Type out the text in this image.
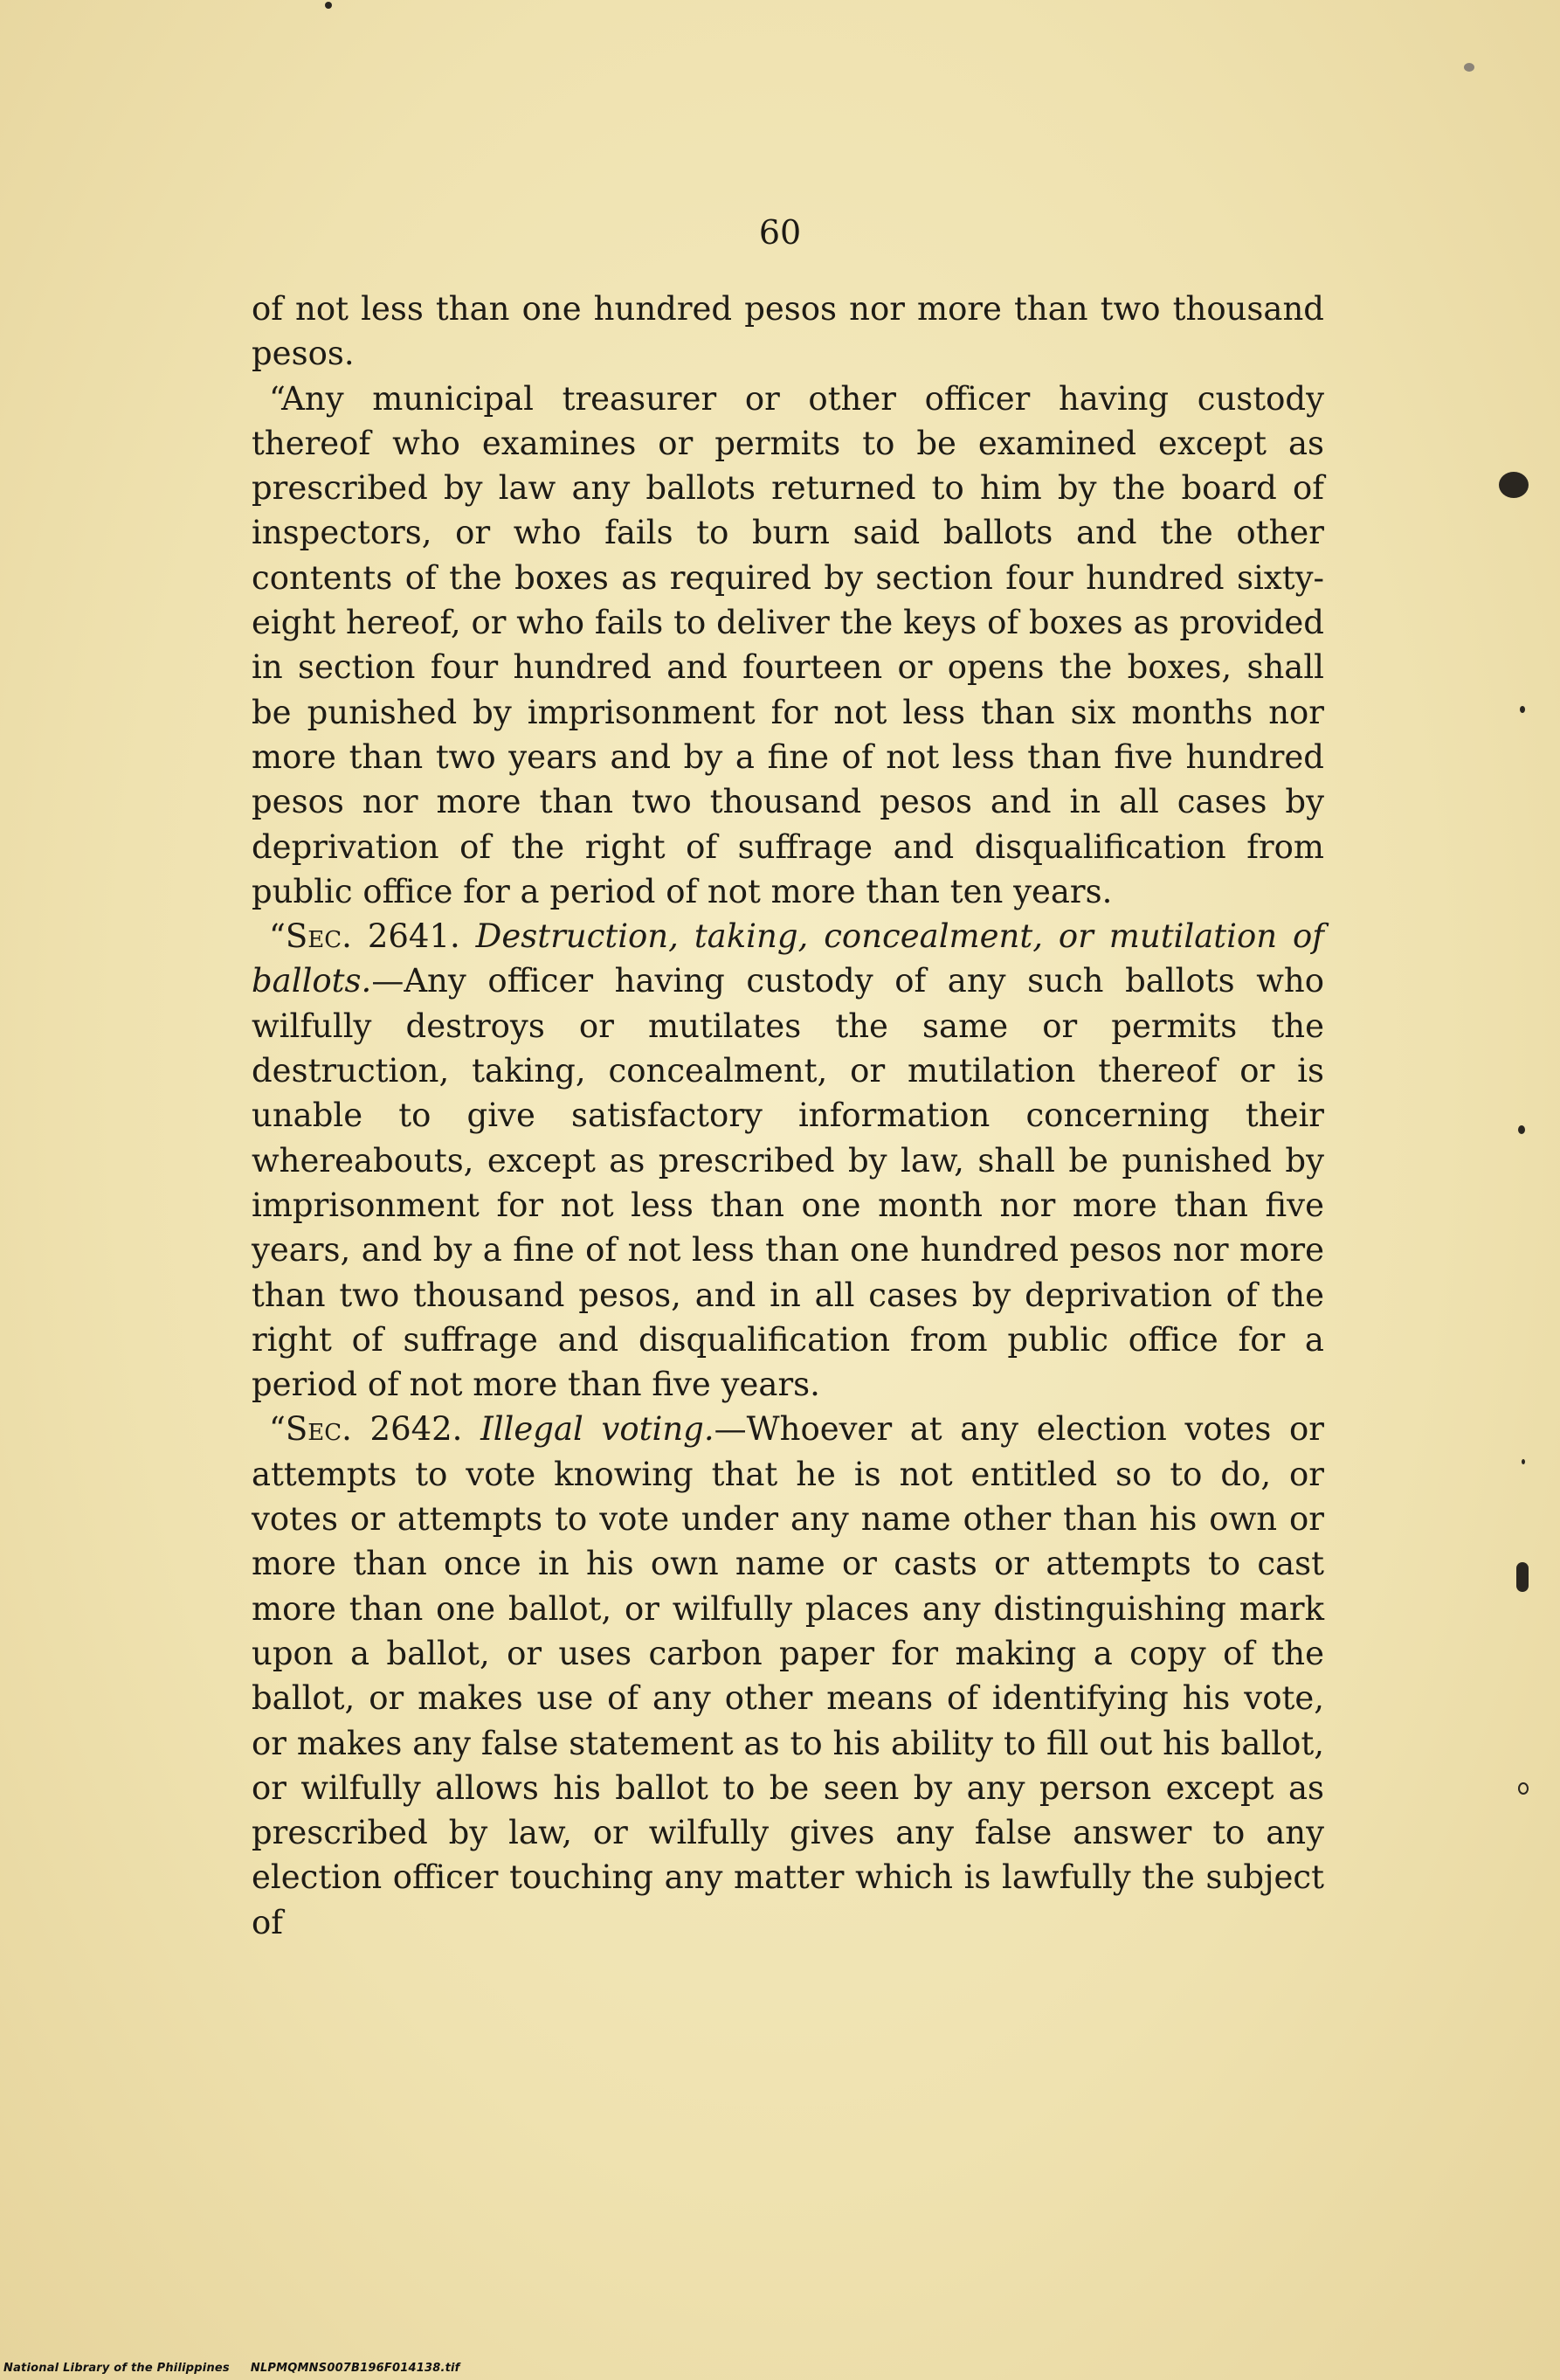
60

of not less than one hundred pesos nor more than two thousand pesos.

“Any municipal treasurer or other officer having custody thereof who examines or permits to be examined except as prescribed by law any ballots returned to him by the board of inspectors, or who fails to burn said ballots and the other contents of the boxes as required by section four hundred sixty-eight hereof, or who fails to deliver the keys of boxes as provided in section four hundred and fourteen or opens the boxes, shall be punished by imprisonment for not less than six months nor more than two years and by a fine of not less than five hundred pesos nor more than two thousand pesos and in all cases by deprivation of the right of suffrage and disqualification from public office for a period of not more than ten years.

“Sec. 2641. Destruction, taking, concealment, or mutilation of ballots.—Any officer having custody of any such ballots who wilfully destroys or mutilates the same or permits the destruction, taking, concealment, or mutilation thereof or is unable to give satisfactory information concerning their whereabouts, except as prescribed by law, shall be punished by imprisonment for not less than one month nor more than five years, and by a fine of not less than one hundred pesos nor more than two thousand pesos, and in all cases by deprivation of the right of suffrage and disqualification from public office for a period of not more than five years.

“Sec. 2642. Illegal voting.—Whoever at any election votes or attempts to vote knowing that he is not entitled so to do, or votes or attempts to vote under any name other than his own or more than once in his own name or casts or attempts to cast more than one ballot, or wilfully places any distinguishing mark upon a ballot, or uses carbon paper for making a copy of the ballot, or makes use of any other means of identifying his vote, or makes any false statement as to his ability to fill out his ballot, or wilfully allows his ballot to be seen by any person except as prescribed by law, or wilfully gives any false answer to any election officer touching any matter which is lawfully the subject of

National Library of the Philippines NLPMQMNS007B196F014138.tif
